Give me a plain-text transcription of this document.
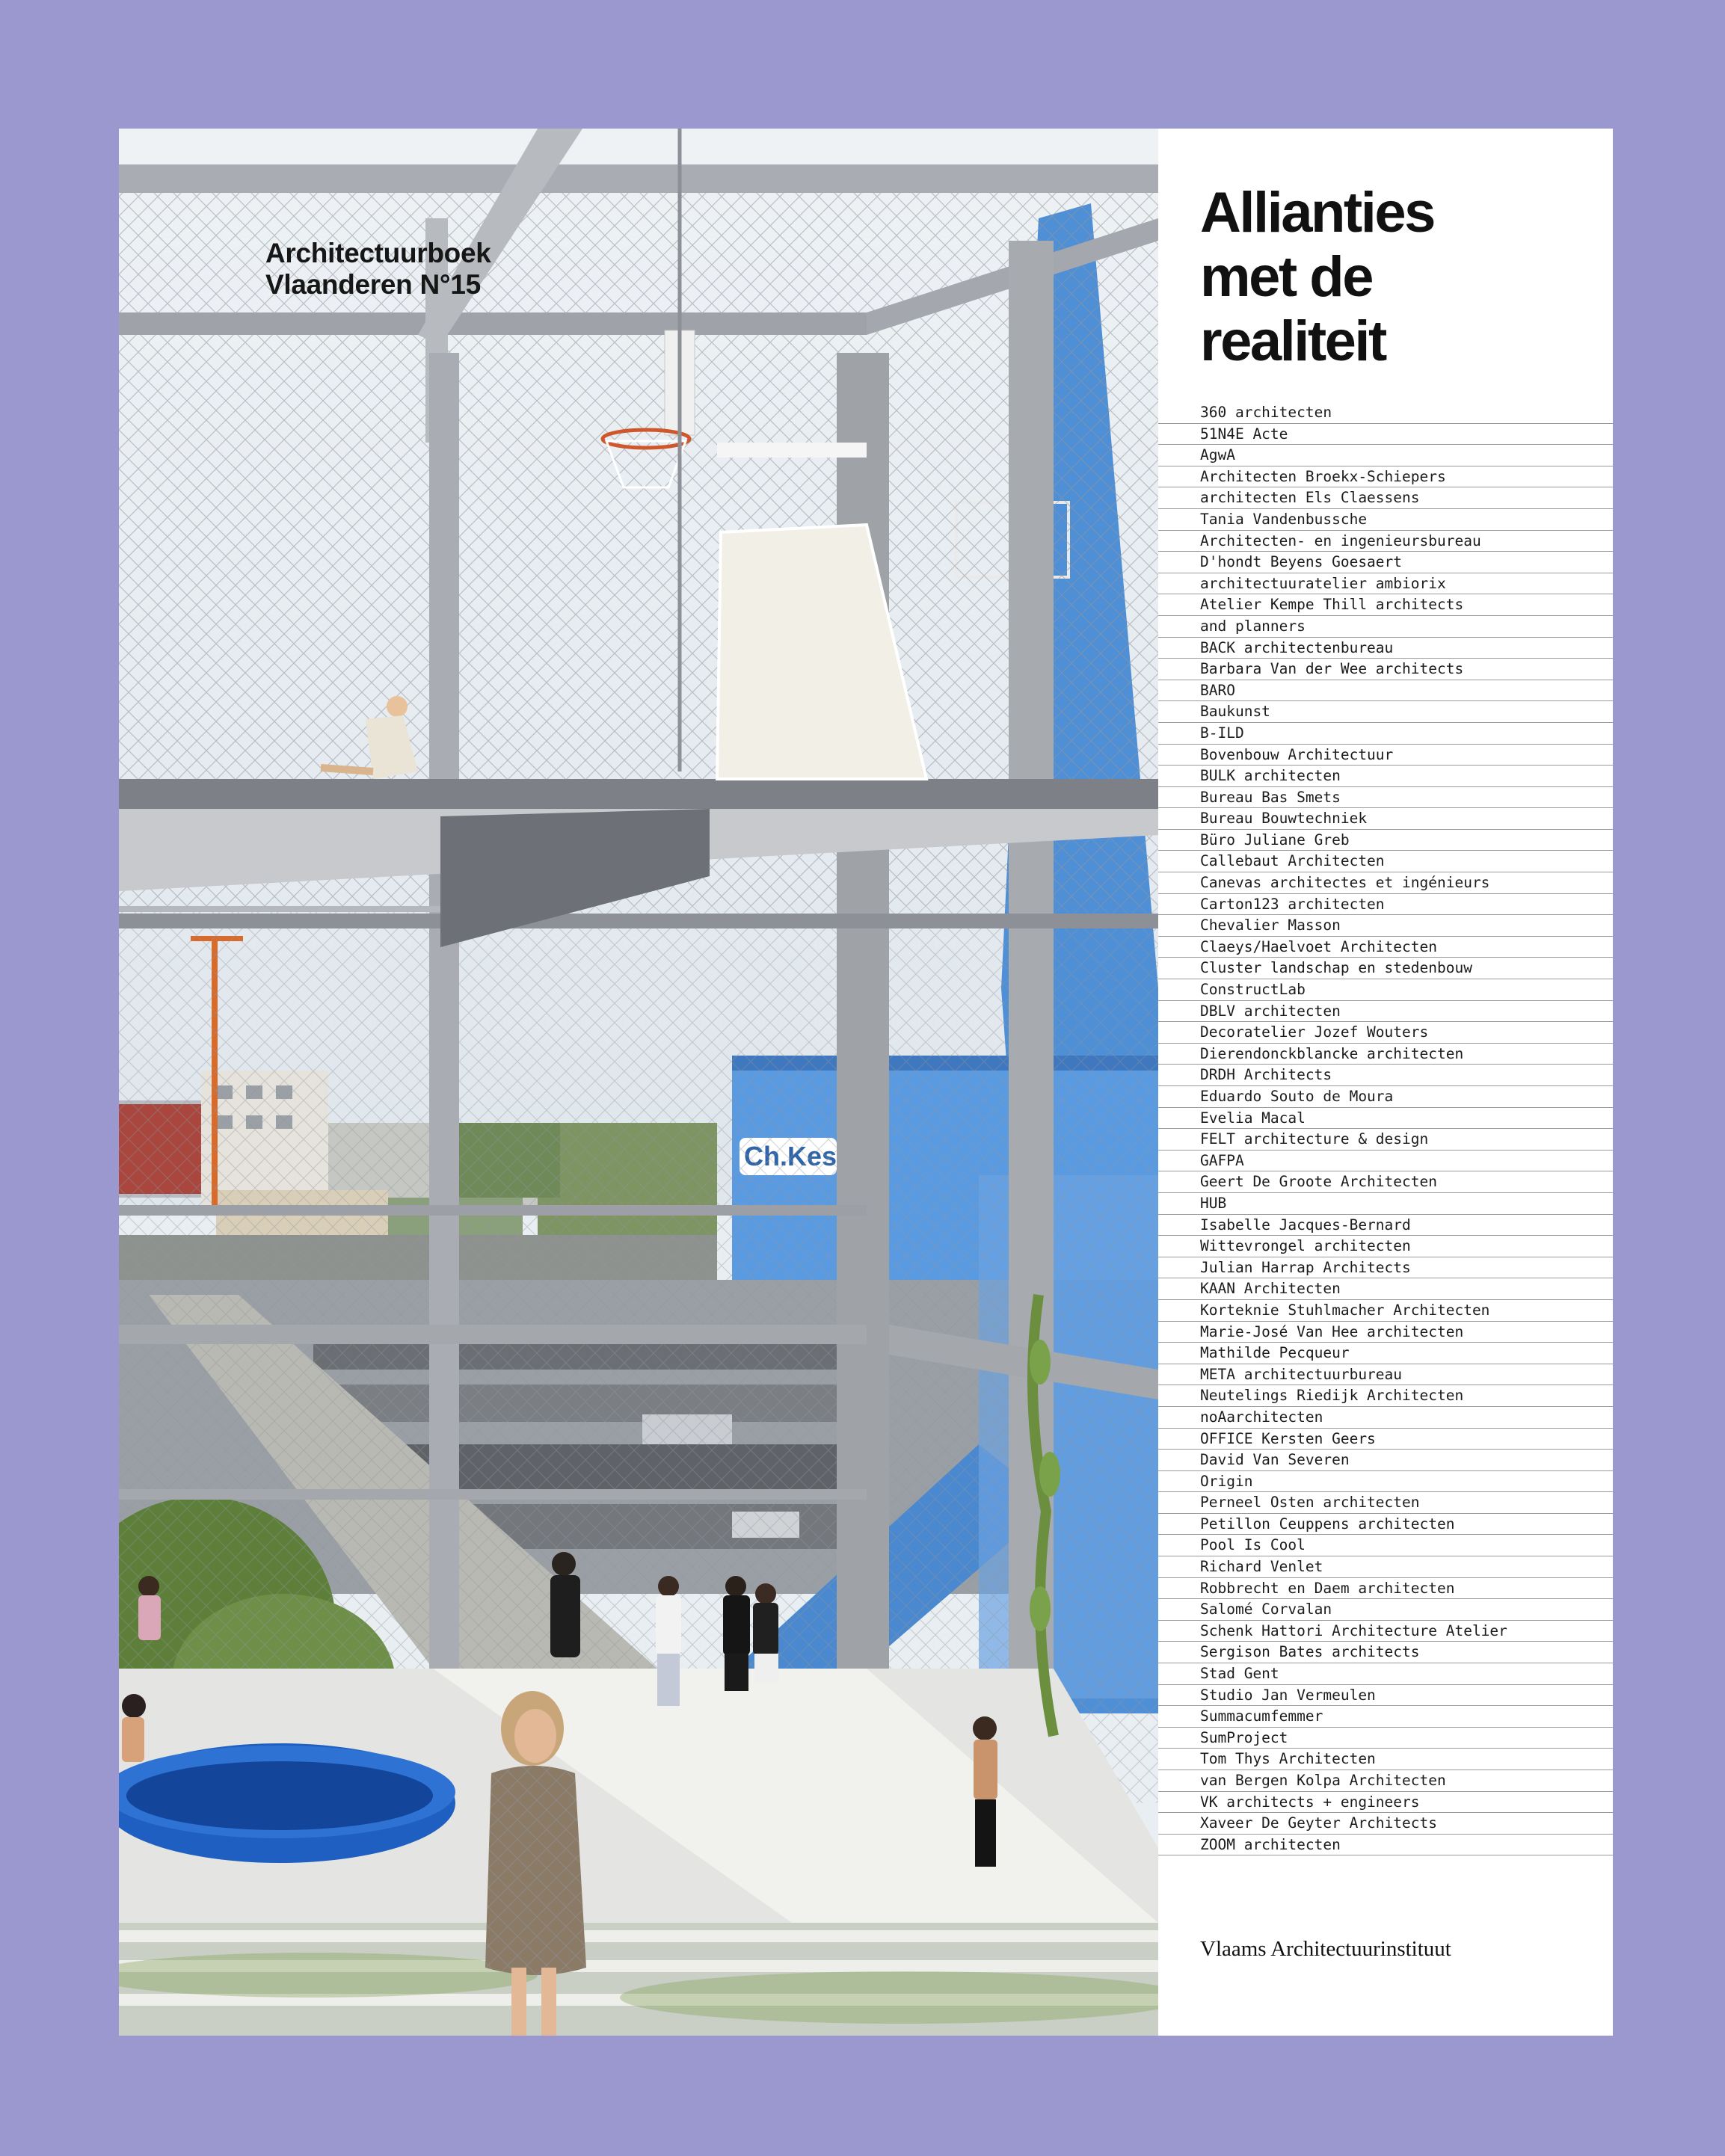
Architectuurboek
Vlaanderen N°15
Allianties
met de
realiteit
360 architecten
51N4E Acte
AgwA
Architecten Broekx-Schiepers
architecten Els Claessens
Tania Vandenbussche
Architecten- en ingenieursbureau
D'hondt Beyens Goesaert
architectuuratelier ambiorix
Atelier Kempe Thill architects
and planners
BACK architectenbureau
Barbara Van der Wee architects
BARO
Baukunst
B-ILD
Bovenbouw Architectuur
BULK architecten
Bureau Bas Smets
Bureau Bouwtechniek
Büro Juliane Greb
Callebaut Architecten
Canevas architectes et ingénieurs
Carton123 architecten
Chevalier Masson
Claeys/Haelvoet Architecten
Cluster landschap en stedenbouw
ConstructLab
DBLV architecten
Decoratelier Jozef Wouters
Dierendonckblancke architecten
DRDH Architects
Eduardo Souto de Moura
Evelia Macal
FELT architecture & design
GAFPA
Geert De Groote Architecten
HUB
Isabelle Jacques-Bernard
Wittevrongel architecten
Julian Harrap Architects
KAAN Architecten
Korteknie Stuhlmacher Architecten
Marie-José Van Hee architecten
Mathilde Pecqueur
META architectuurbureau
Neutelings Riedijk Architecten
noAarchitecten
OFFICE Kersten Geers
David Van Severen
Origin
Perneel Osten architecten
Petillon Ceuppens architecten
Pool Is Cool
Richard Venlet
Robbrecht en Daem architecten
Salomé Corvalan
Schenk Hattori Architecture Atelier
Sergison Bates architects
Stad Gent
Studio Jan Vermeulen
Summacumfemmer
SumProject
Tom Thys Architecten
van Bergen Kolpa Architecten
VK architects + engineers
Xaveer De Geyter Architects
ZOOM architecten
Vlaams Architectuurinstituut
